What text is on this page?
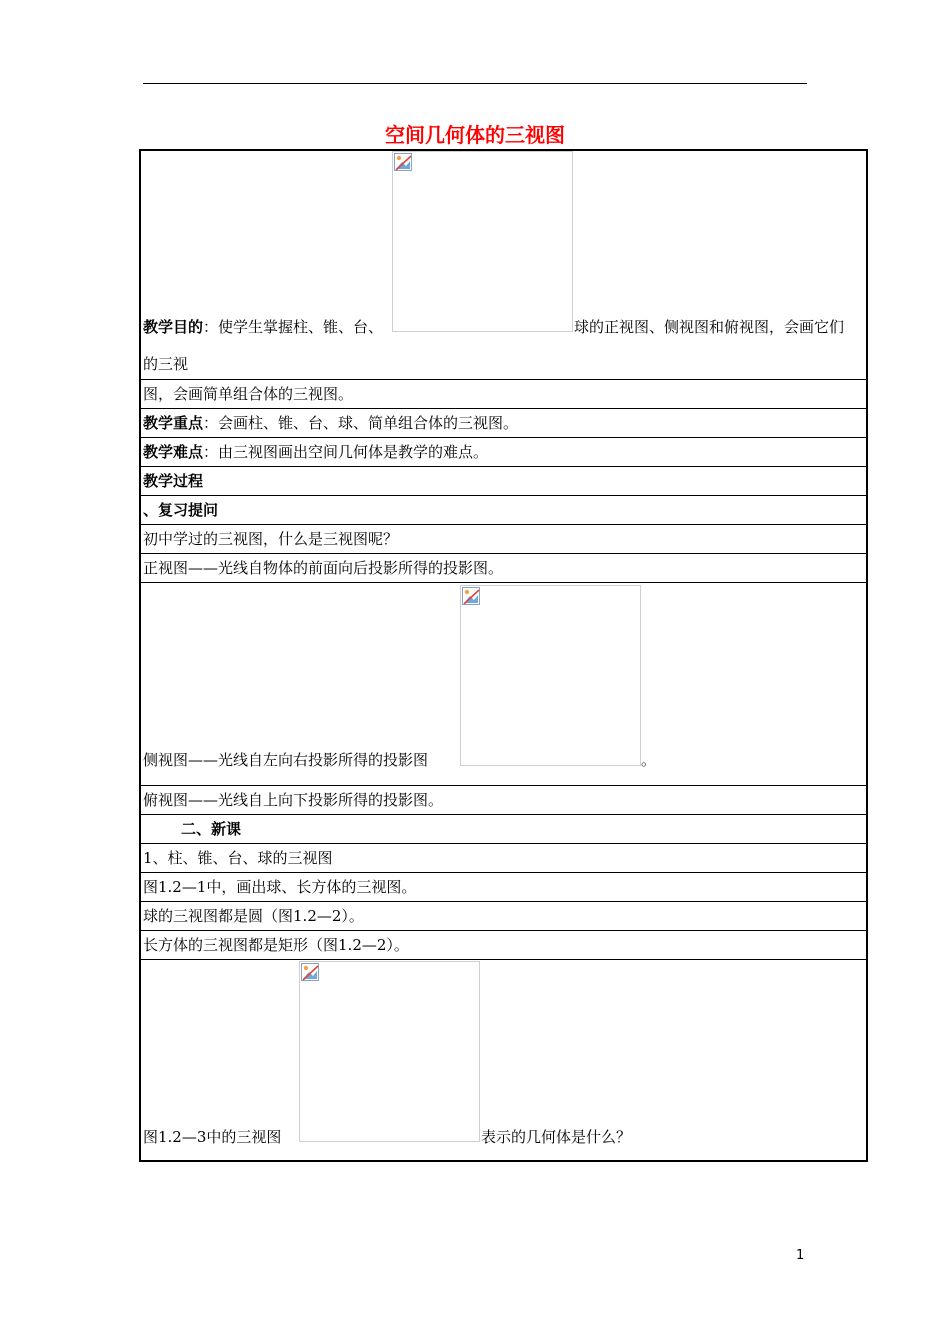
空间几何体的三视图
教学目的：使学生掌握柱、锥、台、	球的正视图、侧视图和俯视图，会画它们
的三视
图，会画简单组合体的三视图。
教学重点 ：会画柱、锥、台、球、简单组合体的三视图。
教学难点 ：由三视图画出空间几何体是教学的难点。
教学过程
、复习提问
初中学过的三视图，什么是三视图呢？
正视图——光线自物体的前面向后投影所得的投影图。
侧视图——光线自左向右投影所得的投影图	。
俯视图——光线自上向下投影所得的投影图。
二、新课
1、柱、锥、台、球的三视图
图1.2—1中，画出球、长方体的三视图。
球的三视图都是圆（图1.2—2）。
长方体的三视图都是矩形（图1.2—2）。
图1.2—3中的三视图	表示的几何体是什么？
1
